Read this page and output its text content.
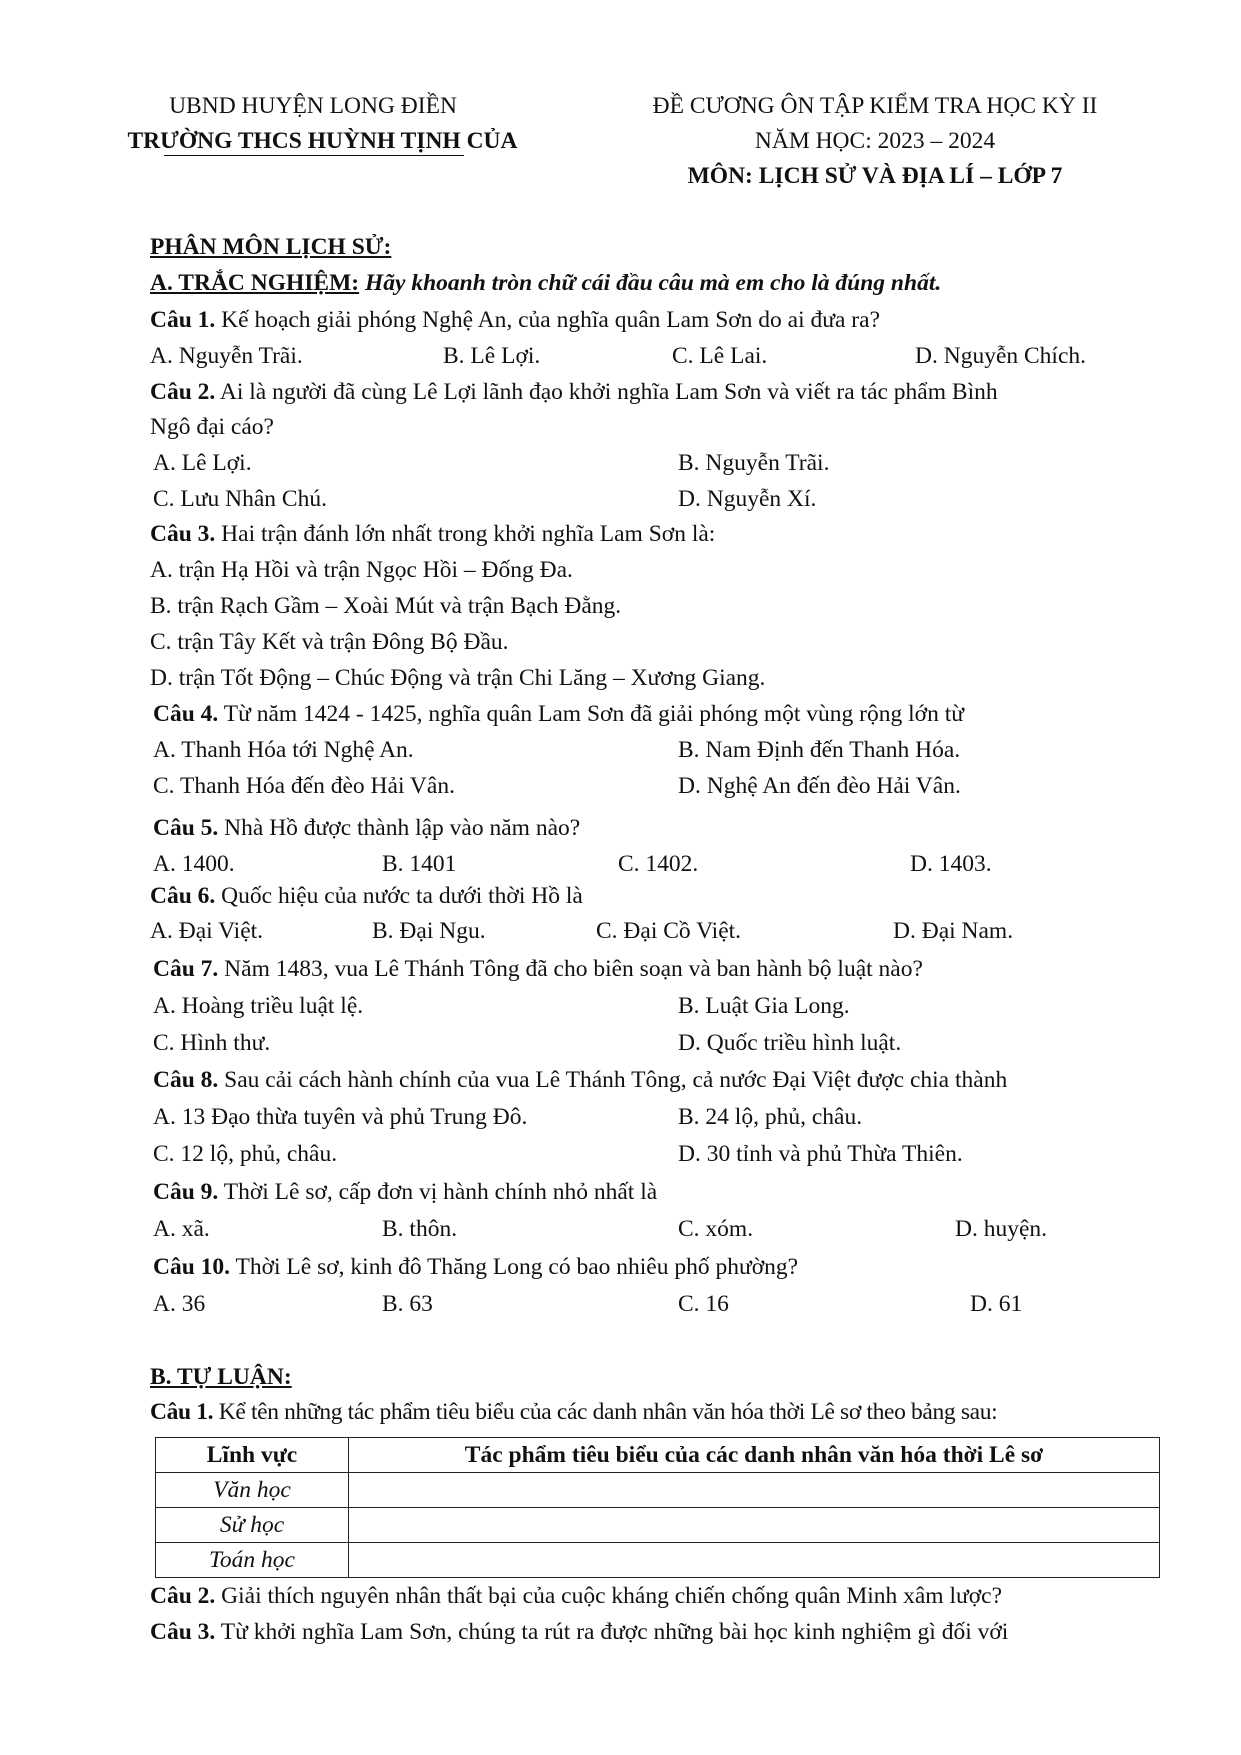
UBND HUYỆN LONG ĐIỀN
TRƯỜNG THCS HUỲNH TỊNH CỦA
ĐỀ CƯƠNG ÔN TẬP KIỂM TRA HỌC KỲ II
NĂM HỌC: 2023 – 2024
MÔN: LỊCH SỬ VÀ ĐỊA LÍ – LỚP 7
PHÂN MÔN LỊCH SỬ:
A. TRẮC NGHIỆM: Hãy khoanh tròn chữ cái đầu câu mà em cho là đúng nhất.
Câu 1. Kế hoạch giải phóng Nghệ An, của nghĩa quân Lam Sơn do ai đưa ra?
A. Nguyễn Trãi.	B. Lê Lợi.	C. Lê Lai.	D. Nguyễn Chích.
Câu 2. Ai là người đã cùng Lê Lợi lãnh đạo khởi nghĩa Lam Sơn và viết ra tác phẩm Bình
Ngô đại cáo?
A. Lê Lợi.	B. Nguyễn Trãi.
C. Lưu Nhân Chú.	D. Nguyễn Xí.
Câu 3. Hai trận đánh lớn nhất trong khởi nghĩa Lam Sơn là:
A. trận Hạ Hồi và trận Ngọc Hồi – Đống Đa.
B. trận Rạch Gầm – Xoài Mút và trận Bạch Đằng.
C. trận Tây Kết và trận Đông Bộ Đầu.
D. trận Tốt Động – Chúc Động và trận Chi Lăng – Xương Giang.
Câu 4. Từ năm 1424 - 1425, nghĩa quân Lam Sơn đã giải phóng một vùng rộng lớn từ
A. Thanh Hóa tới Nghệ An.	B. Nam Định đến Thanh Hóa.
C. Thanh Hóa đến đèo Hải Vân.	D. Nghệ An đến đèo Hải Vân.
Câu 5. Nhà Hồ được thành lập vào năm nào?
A. 1400.	B. 1401	C. 1402.	D. 1403.
Câu 6. Quốc hiệu của nước ta dưới thời Hồ là
A. Đại Việt.	B. Đại Ngu.	C. Đại Cồ Việt.	D. Đại Nam.
Câu 7. Năm 1483, vua Lê Thánh Tông đã cho biên soạn và ban hành bộ luật nào?
A. Hoàng triều luật lệ.	B. Luật Gia Long.
C. Hình thư.	D. Quốc triều hình luật.
Câu 8. Sau cải cách hành chính của vua Lê Thánh Tông, cả nước Đại Việt được chia thành
A. 13 Đạo thừa tuyên và phủ Trung Đô.	B. 24 lộ, phủ, châu.
C. 12 lộ, phủ, châu.	D. 30 tỉnh và phủ Thừa Thiên.
Câu 9. Thời Lê sơ, cấp đơn vị hành chính nhỏ nhất là
A. xã.	B. thôn.	C. xóm.	D. huyện.
Câu 10. Thời Lê sơ, kinh đô Thăng Long có bao nhiêu phố phường?
A. 36	B. 63	C. 16	D. 61
B. TỰ LUẬN:
Câu 1. Kể tên những tác phẩm tiêu biểu của các danh nhân văn hóa thời Lê sơ theo bảng sau:
Lĩnh vực	Tác phẩm tiêu biểu của các danh nhân văn hóa thời Lê sơ
Văn học	
Sử học	
Toán học	
Câu 2. Giải thích nguyên nhân thất bại của cuộc kháng chiến chống quân Minh xâm lược?
Câu 3. Từ khởi nghĩa Lam Sơn, chúng ta rút ra được những bài học kinh nghiệm gì đối với
